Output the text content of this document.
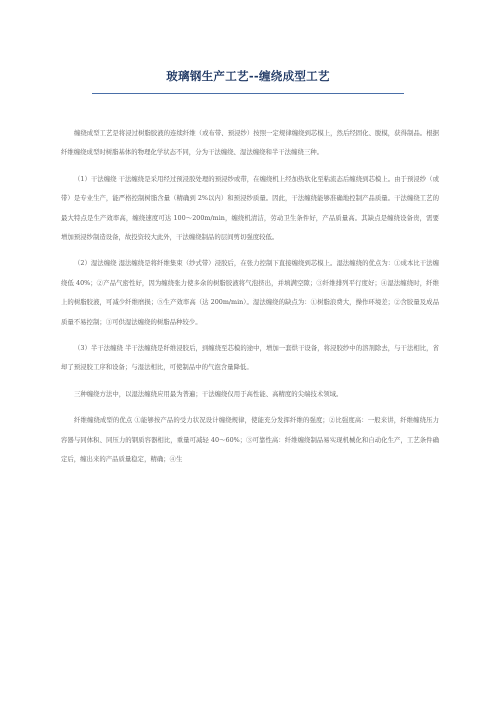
玻璃钢生产工艺--缠绕成型工艺

缠绕成型工艺是将浸过树脂胶液的连续纤维（或布带、预浸纱）按照一定规律缠绕到芯模上，然后经固化、脱模，获得制品。根据纤维缠绕成型时树脂基体的物理化学状态不同，分为干法缠绕、湿法缠绕和半干法缠绕三种。

（1）干法缠绕 干法缠绕是采用经过预浸胶处理的预浸纱或带，在缠绕机上经加热软化至粘流态后缠绕到芯模上。由于预浸纱（或带）是专业生产，能严格控制树脂含量（精确到 2%以内）和预浸纱质量。因此，干法缠绕能够准确地控制产品质量。干法缠绕工艺的最大特点是生产效率高，缠绕速度可达 100～200m/min，缠绕机清洁，劳动卫生条件好，产品质量高。其缺点是缠绕设备贵，需要增加预浸纱制造设备，故投资较大此外，干法缠绕制品的层间剪切强度较低。

（2）湿法缠绕 湿法缠绕是将纤维集束（纱式带）浸胶后，在张力控制下直接缠绕到芯模上。湿法缠绕的优点为：①成本比干法缠绕低 40%；②产品气密性好，因为缠绕张力使多余的树脂胶液将气泡挤出，并填满空隙；③纤维排列平行度好；④湿法缠绕时，纤维上的树脂胶液，可减少纤维磨损；⑤生产效率高（达 200m/min）。湿法缠绕的缺点为：①树脂浪费大，操作环境差；②含胶量及成品质量不易控制；③可供湿法缠绕的树脂品种较少。

（3）半干法缠绕 半干法缠绕是纤维浸胶后，到缠绕至芯模的途中，增加一套烘干设备，将浸胶纱中的溶剂除去，与干法相比，省却了预浸胶工序和设备；与湿法相比，可使制品中的气泡含量降低。

三种缠绕方法中，以湿法缠绕应用最为普遍；干法缠绕仅用于高性能、高精度的尖端技术领域。

纤维缠绕成型的优点 ①能够按产品的受力状况设计缠绕规律，使能充分发挥纤维的强度；②比强度高：一般来讲，纤维缠绕压力容器与同体积、同压力的钢质容器相比，重量可减轻 40～60%；③可靠性高：纤维缠绕制品易实现机械化和自动化生产，工艺条件确定后，缠出来的产品质量稳定，精确；④生
